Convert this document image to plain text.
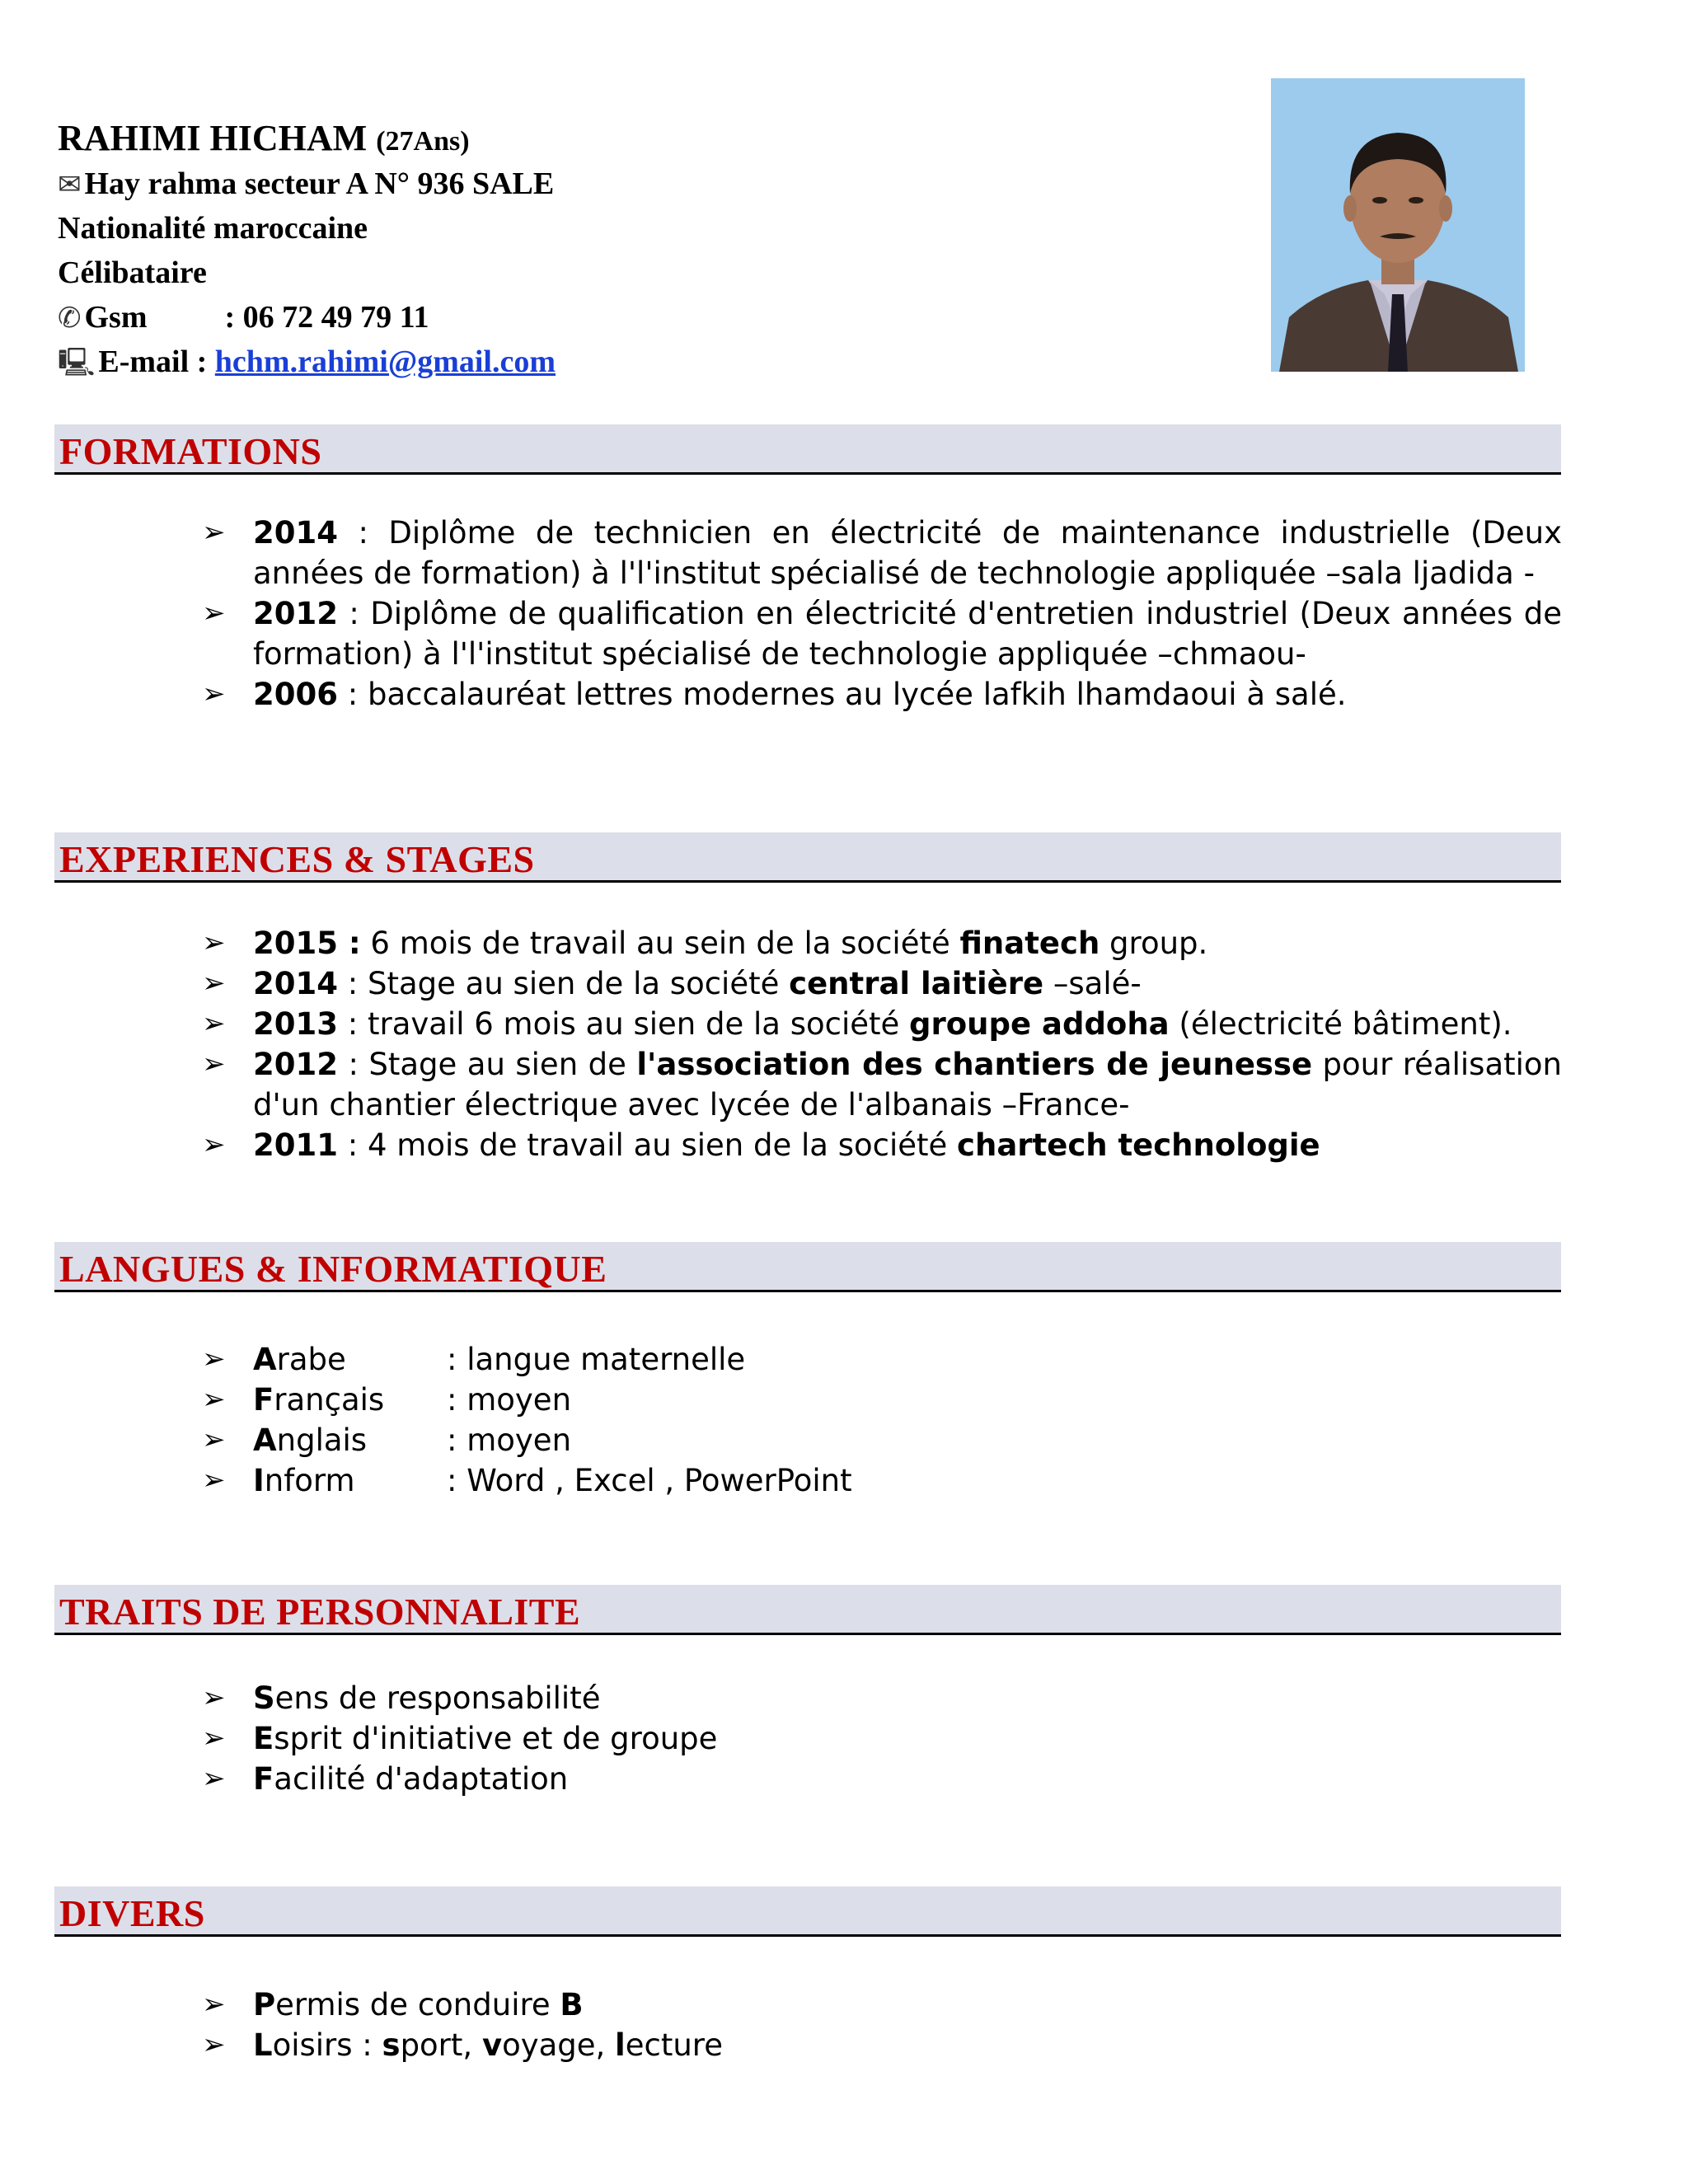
RAHIMI HICHAM (27Ans)
✉ Hay rahma secteur A N° 936 SALE
Nationalité maroccaine
Célibataire
✆ Gsm : 06 72 49 79 11
🖳 E-mail : hchm.rahimi@gmail.com
FORMATIONS
➢ 2014 : Diplôme de technicien en électricité de maintenance industrielle (Deux années de formation) à l'l'institut spécialisé de technologie appliquée –sala ljadida -
➢ 2012 : Diplôme de qualification en électricité d'entretien industriel (Deux années de formation) à l'l'institut spécialisé de technologie appliquée –chmaou-
➢ 2006 : baccalauréat lettres modernes au lycée lafkih lhamdaoui à salé.
EXPERIENCES & STAGES
➢ 2015 : 6 mois de travail au sein de la société finatech group.
➢ 2014 : Stage au sien de la société central laitière –salé-
➢ 2013 : travail 6 mois au sien de la société groupe addoha (électricité bâtiment).
➢ 2012 : Stage au sien de l'association des chantiers de jeunesse pour réalisation d'un chantier électrique avec lycée de l'albanais –France-
➢ 2011 : 4 mois de travail au sien de la société chartech technologie
LANGUES & INFORMATIQUE
➢ Arabe	: langue maternelle
➢ Français : moyen
➢ Anglais	: moyen
➢ Inform	: Word , Excel , PowerPoint
TRAITS DE PERSONNALITE
➢ Sens de responsabilité
➢ Esprit d'initiative et de groupe
➢ Facilité d'adaptation
DIVERS
➢ Permis de conduire B
➢ Loisirs : sport, voyage, lecture
